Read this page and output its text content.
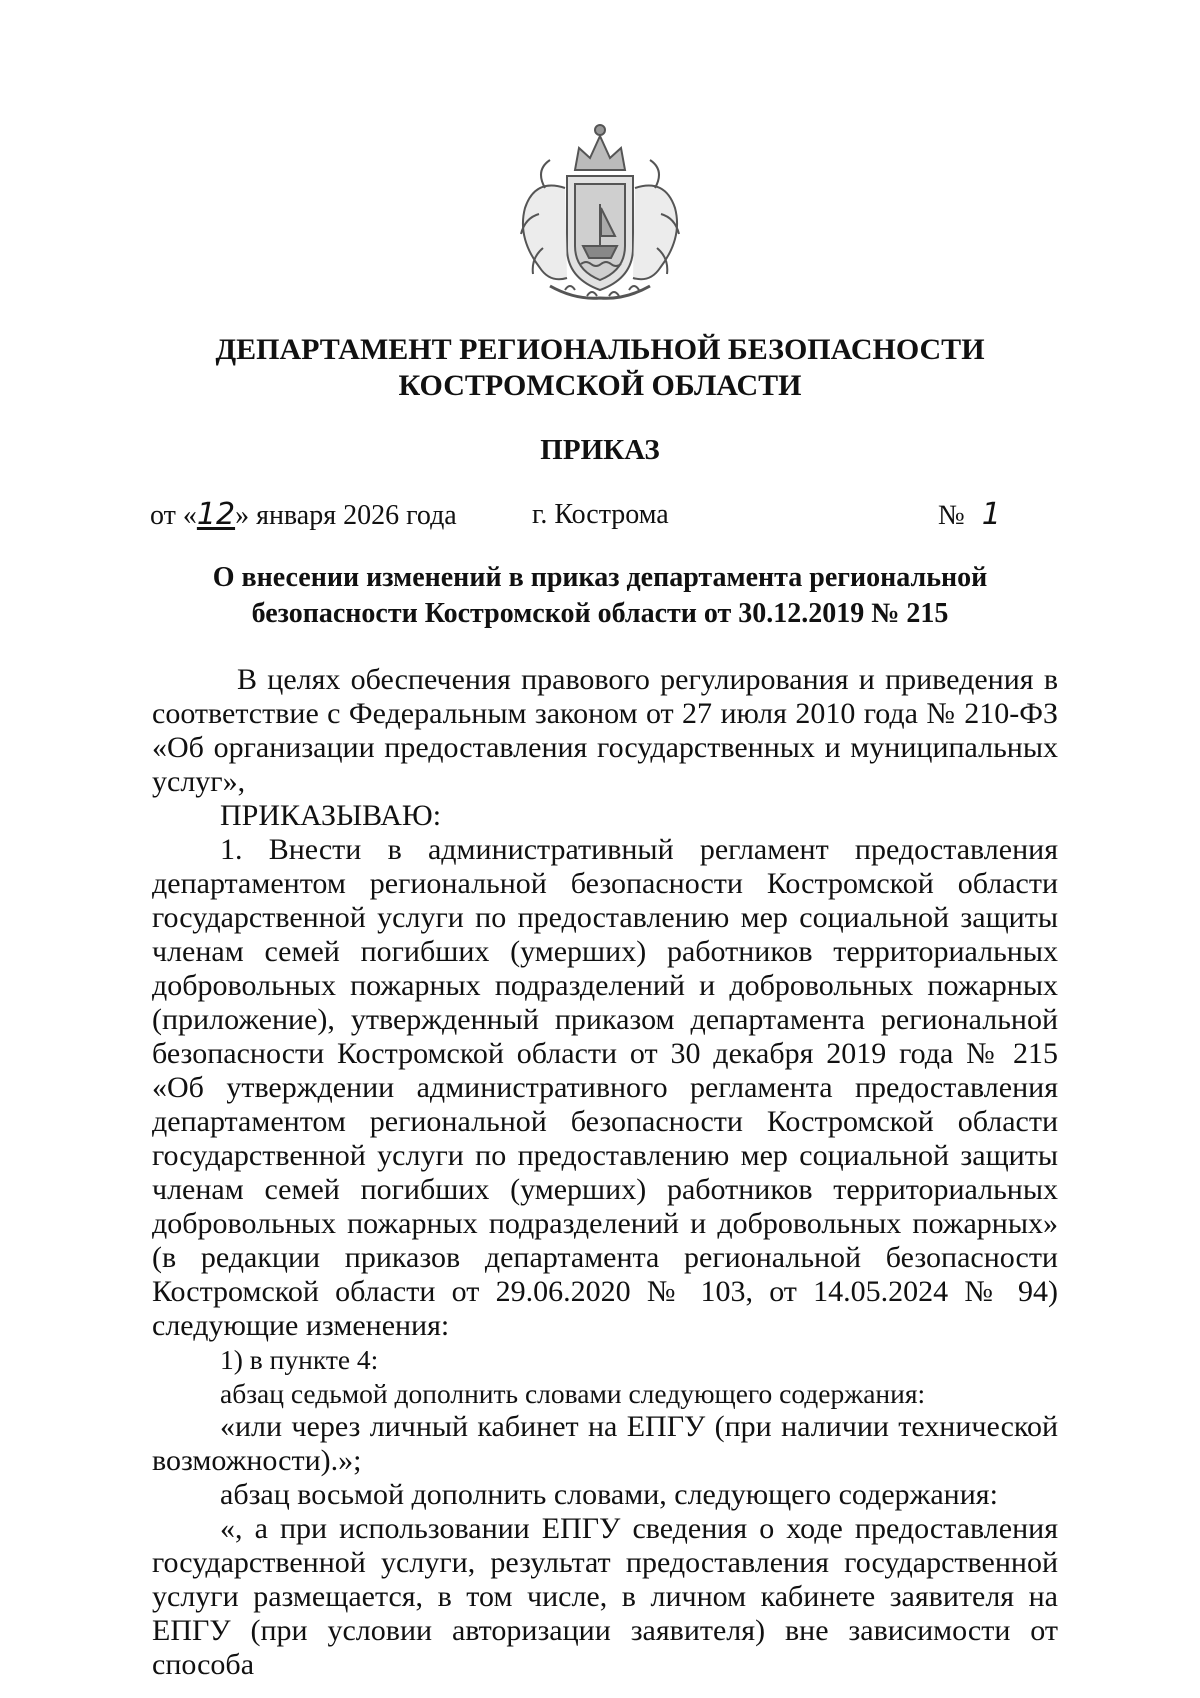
ДЕПАРТАМЕНТ РЕГИОНАЛЬНОЙ БЕЗОПАСНОСТИ
КОСТРОМСКОЙ ОБЛАСТИ
ПРИКАЗ
от «12» января 2026 года	г. Кострома	№ 1
О внесении изменений в приказ департамента региональной
безопасности Костромской области от 30.12.2019 № 215

В целях обеспечения правового регулирования и приведения в соответствие с Федеральным законом от 27 июля 2010 года № 210-ФЗ «Об организации предоставления государственных и муниципальных услуг»,

ПРИКАЗЫВАЮ:

1. Внести в административный регламент предоставления департаментом региональной безопасности Костромской области государственной услуги по предоставлению мер социальной защиты членам семей погибших (умерших) работников территориальных добровольных пожарных подразделений и добровольных пожарных (приложение), утвержденный приказом департамента региональной безопасности Костромской области от 30 декабря 2019 года № 215 «Об утверждении административного регламента предоставления департаментом региональной безопасности Костромской области государственной услуги по предоставлению мер социальной защиты членам семей погибших (умерших) работников территориальных добровольных пожарных подразделений и добровольных пожарных» (в редакции приказов департамента региональной безопасности Костромской области от 29.06.2020 № 103, от 14.05.2024 № 94) следующие изменения:

1) в пункте 4:

абзац седьмой дополнить словами следующего содержания:

«или через личный кабинет на ЕПГУ (при наличии технической возможности).»;

абзац восьмой дополнить словами, следующего содержания:

«, а при использовании ЕПГУ сведения о ходе предоставления государственной услуги, результат предоставления государственной услуги размещается, в том числе, в личном кабинете заявителя на ЕПГУ (при условии авторизации заявителя) вне зависимости от способа
